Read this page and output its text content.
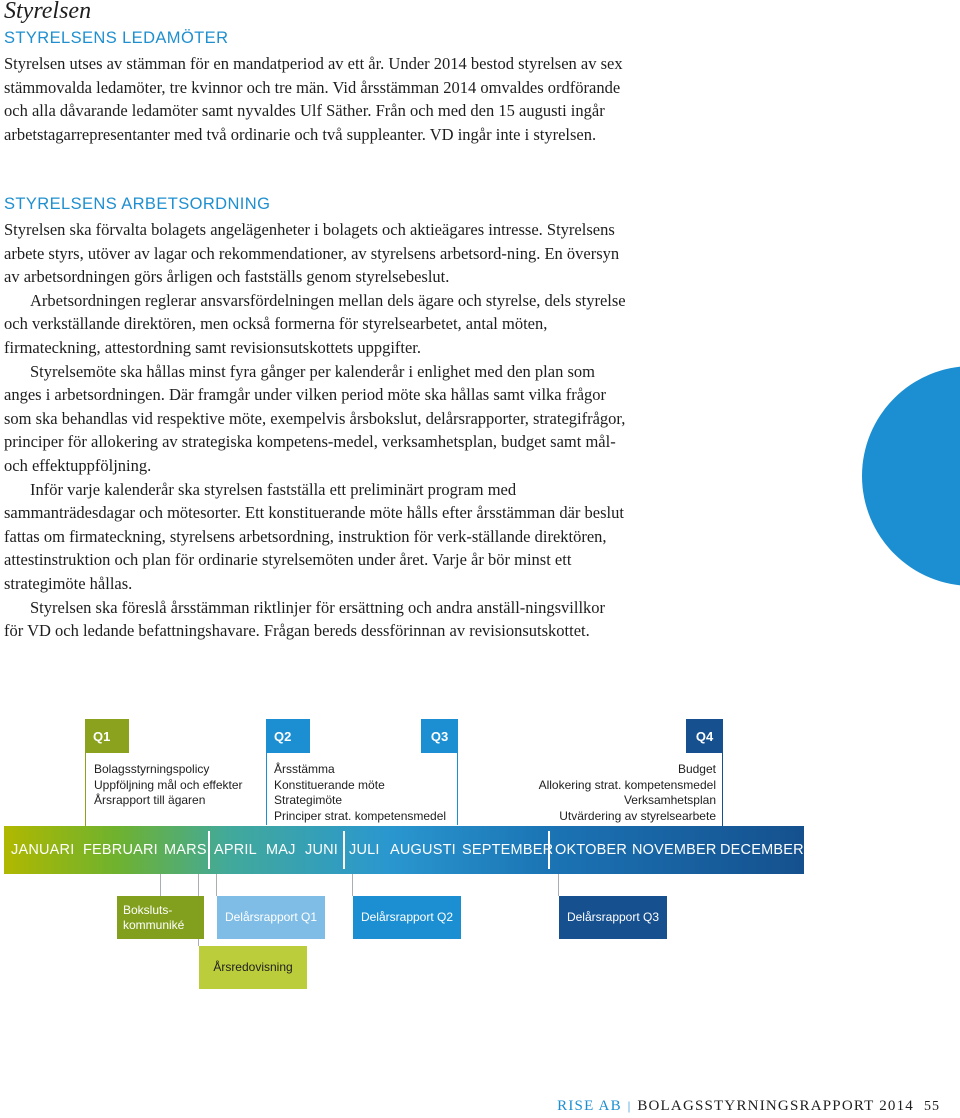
Styrelsen
STYRELSENS LEDAMÖTER

Styrelsen utses av stämman för en mandatperiod av ett år. Under 2014 bestod styrelsen av sex stämmovalda ledamöter, tre kvinnor och tre män. Vid årsstämman 2014 omvaldes ordförande och alla dåvarande ledamöter samt nyvaldes Ulf Säther. Från och med den 15 augusti ingår arbetstagarrepresentanter med två ordinarie och två suppleanter. VD ingår inte i styrelsen.

STYRELSENS ARBETSORDNING

Styrelsen ska förvalta bolagets angelägenheter i bolagets och aktieägares intresse. Styrelsens arbete styrs, utöver av lagar och rekommendationer, av styrelsens arbetsord-ning. En översyn av arbetsordningen görs årligen och fastställs genom styrelsebeslut.

Arbetsordningen reglerar ansvarsfördelningen mellan dels ägare och styrelse, dels styrelse och verkställande direktören, men också formerna för styrelsearbetet, antal möten, firmateckning, attestordning samt revisionsutskottets uppgifter.

Styrelsemöte ska hållas minst fyra gånger per kalenderår i enlighet med den plan som anges i arbetsordningen. Där framgår under vilken period möte ska hållas samt vilka frågor som ska behandlas vid respektive möte, exempelvis årsbokslut, delårsrapporter, strategifrågor, principer för allokering av strategiska kompetens-medel, verksamhetsplan, budget samt mål- och effektuppföljning.

Inför varje kalenderår ska styrelsen fastställa ett preliminärt program med sammanträdesdagar och mötesorter. Ett konstituerande möte hålls efter årsstämman där beslut fattas om firmateckning, styrelsens arbetsordning, instruktion för verk-ställande direktören, attestinstruktion och plan för ordinarie styrelsemöten under året. Varje år bör minst ett strategimöte hållas.

Styrelsen ska föreslå årsstämman riktlinjer för ersättning och andra anställ-ningsvillkor för VD och ledande befattningshavare. Frågan bereds dessförinnan av revisionsutskottet.

Q1
Bolagsstyrningspolicy
Uppföljning mål och effekter
Årsrapport till ägaren
Q2	Q3
Årsstämma
Konstituerande möte
Strategimöte
Principer strat. kompetensmedel
Q4
Budget
Allokering strat. kompetensmedel
Verksamhetsplan
Utvärdering av styrelsearbete
JANUARI FEBRUARI MARS APRIL MAJ JUNI JULI AUGUSTI SEPTEMBER OKTOBER NOVEMBER DECEMBER
Boksluts-
kommuniké
Delårsrapport Q1	Delårsrapport Q2	Delårsrapport Q3
Årsredovisning
RISE AB | BOLAGSSTYRNINGSRAPPORT 2014 55
